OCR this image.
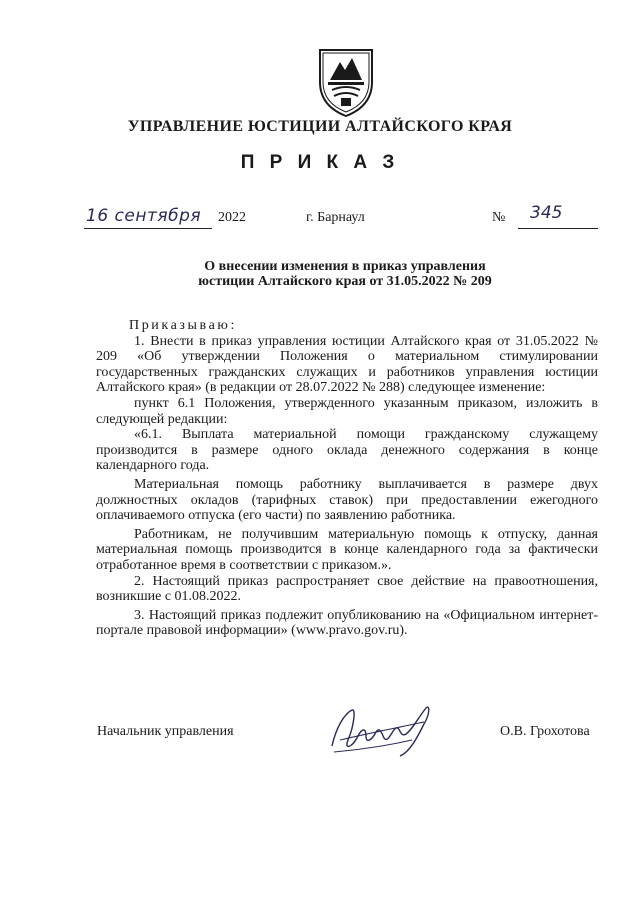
УПРАВЛЕНИЕ ЮСТИЦИИ АЛТАЙСКОГО КРАЯ
П Р И К А З
16 сентября 2022	г. Барнаул	№ 345
О внесении изменения в приказ управления
юстиции Алтайского края от 31.05.2022 № 209

Приказываю:

1. Внести в приказ управления юстиции Алтайского края от 31.05.2022 № 209 «Об утверждении Положения о материальном стимулировании государственных гражданских служащих и работников управления юстиции Алтайского края» (в редакции от 28.07.2022 № 288) следующее изменение:

пункт 6.1 Положения, утвержденного указанным приказом, изложить в следующей редакции:

«6.1. Выплата материальной помощи гражданскому служащему производится в размере одного оклада денежного содержания в конце календарного года.

Материальная помощь работнику выплачивается в размере двух должностных окладов (тарифных ставок) при предоставлении ежегодного оплачиваемого отпуска (его части) по заявлению работника.

Работникам, не получившим материальную помощь к отпуску, данная материальная помощь производится в конце календарного года за фактически отработанное время в соответствии с приказом.».

2. Настоящий приказ распространяет свое действие на правоотношения, возникшие с 01.08.2022.

3. Настоящий приказ подлежит опубликованию на «Официальном интернет-портале правовой информации» (www.pravo.gov.ru).

Начальник управления	О.В. Грохотова
